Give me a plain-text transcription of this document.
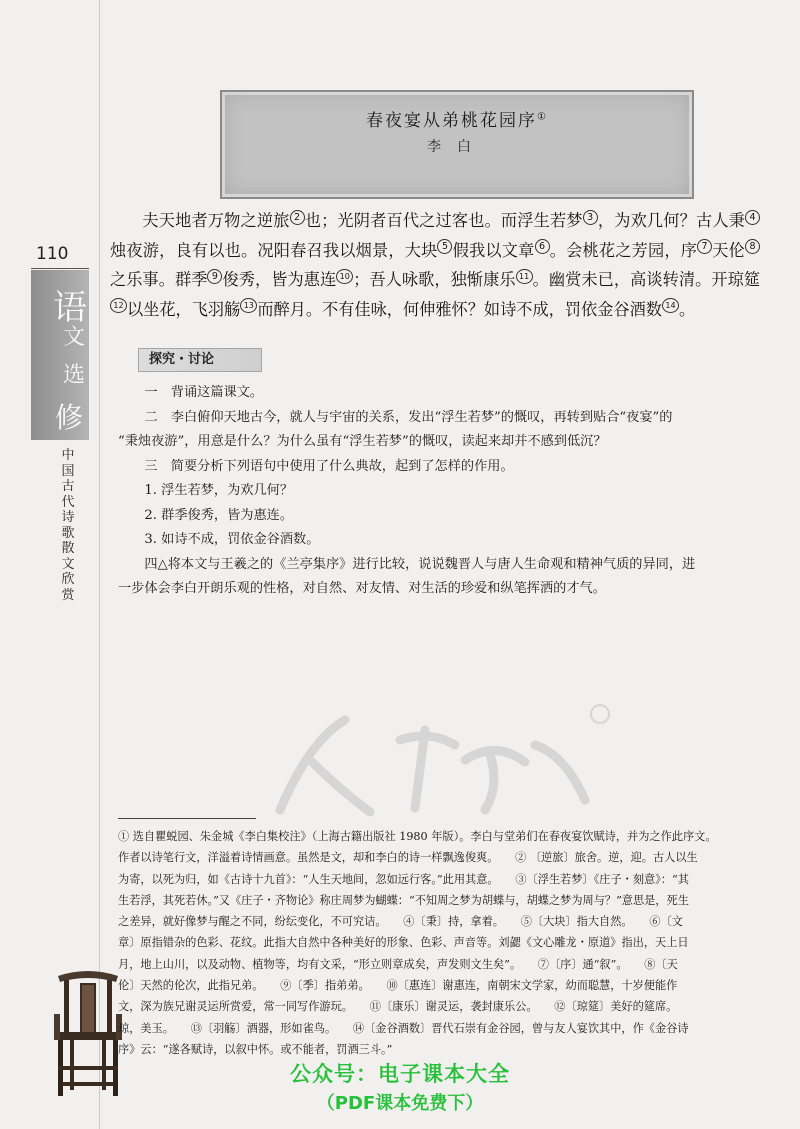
110
语
文
选
修
中
国
古
代
诗
歌
散
文
欣
赏
春夜宴从弟桃花园序①
李白

夫天地者万物之逆旅 2 也；光阴者百代之过客也。而浮生若梦 3 ，为欢几何？古人秉 4烛夜游，良有以也。况阳春召我以烟景，大块 5 假我以文章 6 。会桃花之芳园，序 7 天伦 8之乐事。群季 9 俊秀，皆为惠连 10 ；吾人咏歌，独惭康乐 11 。幽赏未已，高谈转清。开琼筵12 以坐花，飞羽觞 13 而醉月。不有佳咏，何伸雅怀？如诗不成，罚依金谷酒数 14 。

探究・讨论

一　背诵这篇课文。

二　李白俯仰天地古今，就人与宇宙的关系，发出“浮生若梦”的慨叹，再转到贴合“夜宴”的

“秉烛夜游”，用意是什么？为什么虽有“浮生若梦”的慨叹，读起来却并不感到低沉？

三　简要分析下列语句中使用了什么典故，起到了怎样的作用。

1. 浮生若梦，为欢几何？

2. 群季俊秀，皆为惠连。

3. 如诗不成，罚依金谷酒数。

四△将本文与王羲之的《兰亭集序》进行比较，说说魏晋人与唐人生命观和精神气质的异同，进

一步体会李白开朗乐观的性格，对自然、对友情、对生活的珍爱和纵笔挥洒的才气。

① 选自瞿蜕园、朱金城《李白集校注》（上海古籍出版社 1980 年版）。李白与堂弟们在春夜宴饮赋诗，并为之作此序文。

作者以诗笔行文，洋溢着诗情画意。虽然是文，却和李白的诗一样飘逸俊爽。　　② 〔逆旅〕旅舍。逆，迎。古人以生

为寄，以死为归，如《古诗十九首》：“人生天地间，忽如远行客。”此用其意。　　③〔浮生若梦〕《庄子・刻意》：“其

生若浮，其死若休。”又《庄子・齐物论》称庄周梦为蝴蝶：“不知周之梦为胡蝶与，胡蝶之梦为周与？”意思是，死生

之差异，就好像梦与醒之不同，纷纭变化，不可究诘。　　④〔秉〕持，拿着。　　⑤〔大块〕指大自然。　　⑥〔文

章〕原指错杂的色彩、花纹。此指大自然中各种美好的形象、色彩、声音等。刘勰《文心雕龙・原道》指出，天上日

月，地上山川，以及动物、植物等，均有文采，“形立则章成矣，声发则文生矣”。　　⑦〔序〕通“叙”。　　⑧〔天

伦〕天然的伦次，此指兄弟。　　⑨〔季〕指弟弟。　　⑩〔惠连〕谢惠连，南朝宋文学家，幼而聪慧，十岁便能作

文，深为族兄谢灵运所赏爱，常一同写作游玩。　　⑪〔康乐〕谢灵运，袭封康乐公。　　⑫〔琼筵〕美好的筵席。

琼，美玉。　　⑬〔羽觞〕酒器，形如雀鸟。　　⑭〔金谷酒数〕晋代石崇有金谷园，曾与友人宴饮其中，作《金谷诗

序》云：“遂各赋诗，以叙中怀。或不能者，罚酒三斗。”

公众号：电子课本大全
（PDF课本免费下）
